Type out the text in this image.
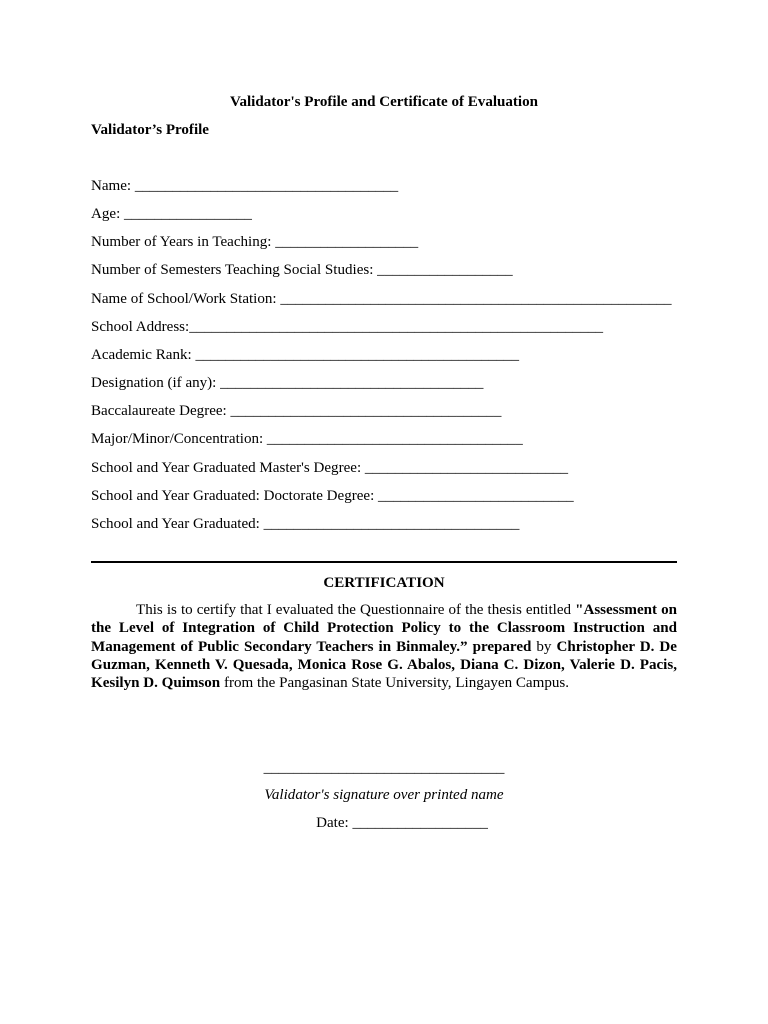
Validator's Profile and Certificate of Evaluation
Validator’s Profile
Name: ___________________________________
Age: _________________
Number of Years in Teaching: ___________________
Number of Semesters Teaching Social Studies: __________________
Name of School/Work Station: ____________________________________________________
School Address:_______________________________________________________
Academic Rank: ___________________________________________
Designation (if any): ___________________________________
Baccalaureate Degree: ____________________________________
Major/Minor/Concentration: __________________________________
School and Year Graduated Master's Degree: ___________________________
School and Year Graduated: Doctorate Degree: __________________________
School and Year Graduated: __________________________________
CERTIFICATION

This is to certify that I evaluated the Questionnaire of the thesis entitled "Assessment on the Level of Integration of Child Protection Policy to the Classroom Instruction and Management of Public Secondary Teachers in Binmaley.” prepared by Christopher D. De Guzman, Kenneth V. Quesada, Monica Rose G. Abalos, Diana C. Dizon, Valerie D. Pacis, Kesilyn D. Quimson from the Pangasinan State University, Lingayen Campus.

________________________________
Validator's signature over printed name
Date: __________________
